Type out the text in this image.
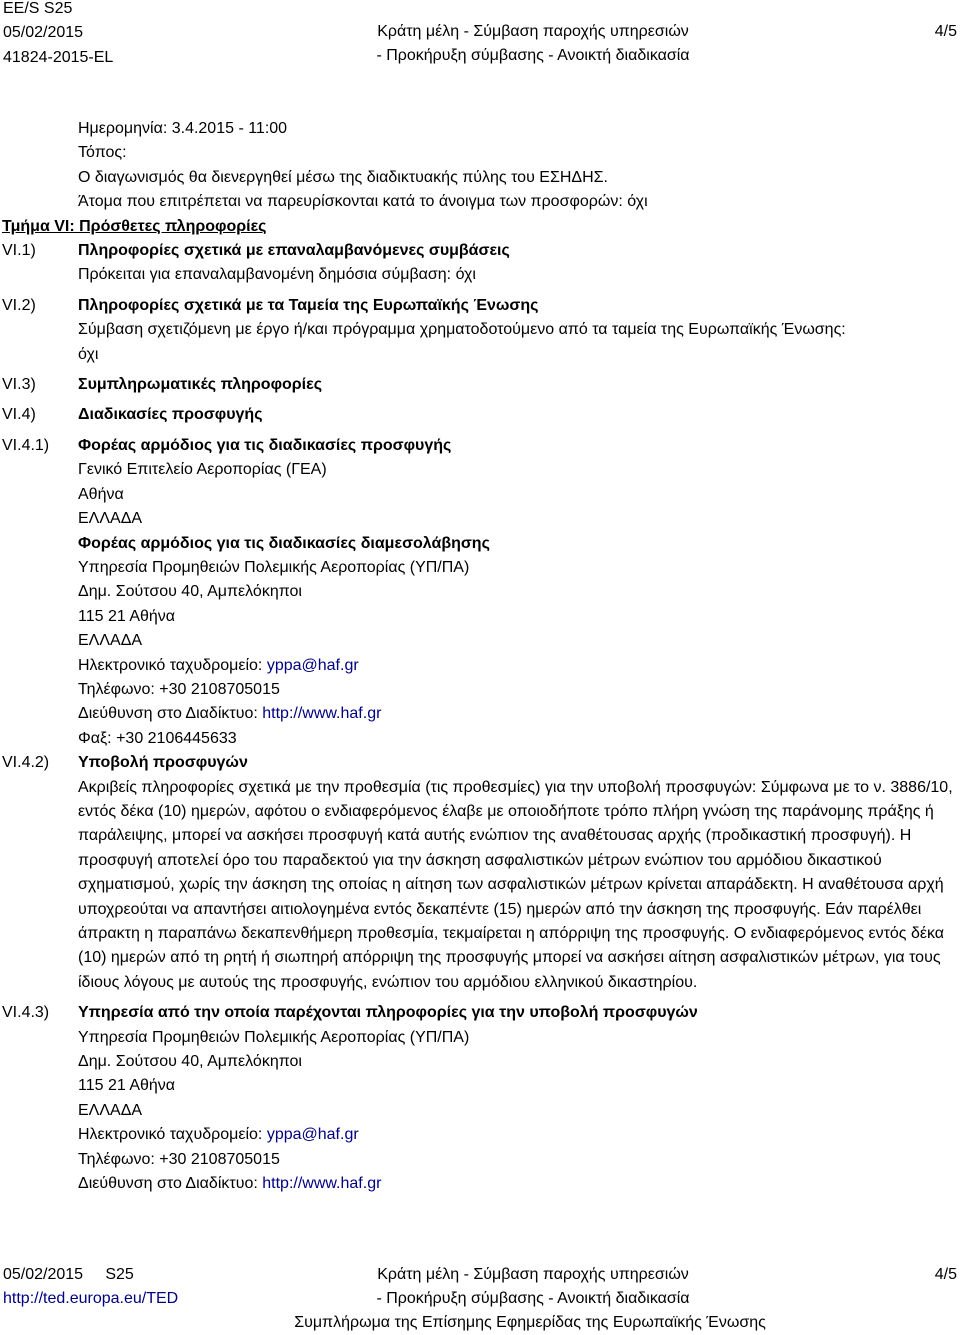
EE/S S25
05/02/2015
41824-2015-EL
Κράτη μέλη - Σύμβαση παροχής υπηρεσιών
- Προκήρυξη σύμβασης - Ανοικτή διαδικασία
4/5
Ημερομηνία: 3.4.2015 - 11:00
Τόπος:
Ο διαγωνισμός θα διενεργηθεί μέσω της διαδικτυακής πύλης του ΕΣΗΔΗΣ.
Άτομα που επιτρέπεται να παρευρίσκονται κατά το άνοιγμα των προσφορών: όχι
Τμήμα VI: Πρόσθετες πληροφορίες
VI.1)	Πληροφορίες σχετικά με επαναλαμβανόμενες συμβάσεις
Πρόκειται για επαναλαμβανομένη δημόσια σύμβαση: όχι
VI.2)	Πληροφορίες σχετικά με τα Ταμεία της Ευρωπαϊκής Ένωσης
Σύμβαση σχετιζόμενη με έργο ή/και πρόγραμμα χρηματοδοτούμενο από τα ταμεία της Ευρωπαϊκής Ένωσης:
όχι
VI.3)	Συμπληρωματικές πληροφορίες
VI.4)	Διαδικασίες προσφυγής
VI.4.1) Φορέας αρμόδιος για τις διαδικασίες προσφυγής
Γενικό Επιτελείο Αεροπορίας (ΓΕΑ)
Αθήνα
ΕΛΛΑΔΑ
Φορέας αρμόδιος για τις διαδικασίες διαμεσολάβησης
Υπηρεσία Προμηθειών Πολεμικής Αεροπορίας (ΥΠ/ΠΑ)
Δημ. Σούτσου 40, Αμπελόκηποι
115 21 Αθήνα
ΕΛΛΑΔΑ
Ηλεκτρονικό ταχυδρομείο: yppa@haf.gr
Τηλέφωνο: +30 2108705015
Διεύθυνση στο Διαδίκτυο: http://www.haf.gr
Φαξ: +30 2106445633
VI.4.2) Υποβολή προσφυγών
Ακριβείς πληροφορίες σχετικά με την προθεσμία (τις προθεσμίες) για την υποβολή προσφυγών: Σύμφωνα με το ν. 3886/10, εντός δέκα (10) ημερών, αφότου ο ενδιαφερόμενος έλαβε με οποιοδήποτε τρόπο πλήρη γνώση της παράνομης πράξης ή παράλειψης, μπορεί να ασκήσει προσφυγή κατά αυτής ενώπιον της αναθέτουσας αρχής (προδικαστική προσφυγή). Η προσφυγή αποτελεί όρο του παραδεκτού για την άσκηση ασφαλιστικών μέτρων ενώπιον του αρμόδιου δικαστικού σχηματισμού, χωρίς την άσκηση της οποίας η αίτηση των ασφαλιστικών μέτρων κρίνεται απαράδεκτη. Η αναθέτουσα αρχή υποχρεούται να απαντήσει αιτιολογημένα εντός δεκαπέντε (15) ημερών από την άσκηση της προσφυγής. Εάν παρέλθει άπρακτη η παραπάνω δεκαπενθήμερη προθεσμία, τεκμαίρεται η απόρριψη της προσφυγής. Ο ενδιαφερόμενος εντός δέκα (10) ημερών από τη ρητή ή σιωπηρή απόρριψη της προσφυγής μπορεί να ασκήσει αίτηση ασφαλιστικών μέτρων, για τους ίδιους λόγους με αυτούς της προσφυγής, ενώπιον του αρμόδιου ελληνικού δικαστηρίου.
VI.4.3) Υπηρεσία από την οποία παρέχονται πληροφορίες για την υποβολή προσφυγών
Υπηρεσία Προμηθειών Πολεμικής Αεροπορίας (ΥΠ/ΠΑ)
Δημ. Σούτσου 40, Αμπελόκηποι
115 21 Αθήνα
ΕΛΛΑΔΑ
Ηλεκτρονικό ταχυδρομείο: yppa@haf.gr
Τηλέφωνο: +30 2108705015
Διεύθυνση στο Διαδίκτυο: http://www.haf.gr
05/02/2015 S25
http://ted.europa.eu/TED
Κράτη μέλη - Σύμβαση παροχής υπηρεσιών
- Προκήρυξη σύμβασης - Ανοικτή διαδικασία
4/5
Συμπλήρωμα της Επίσημης Εφημερίδας της Ευρωπαϊκής Ένωσης
